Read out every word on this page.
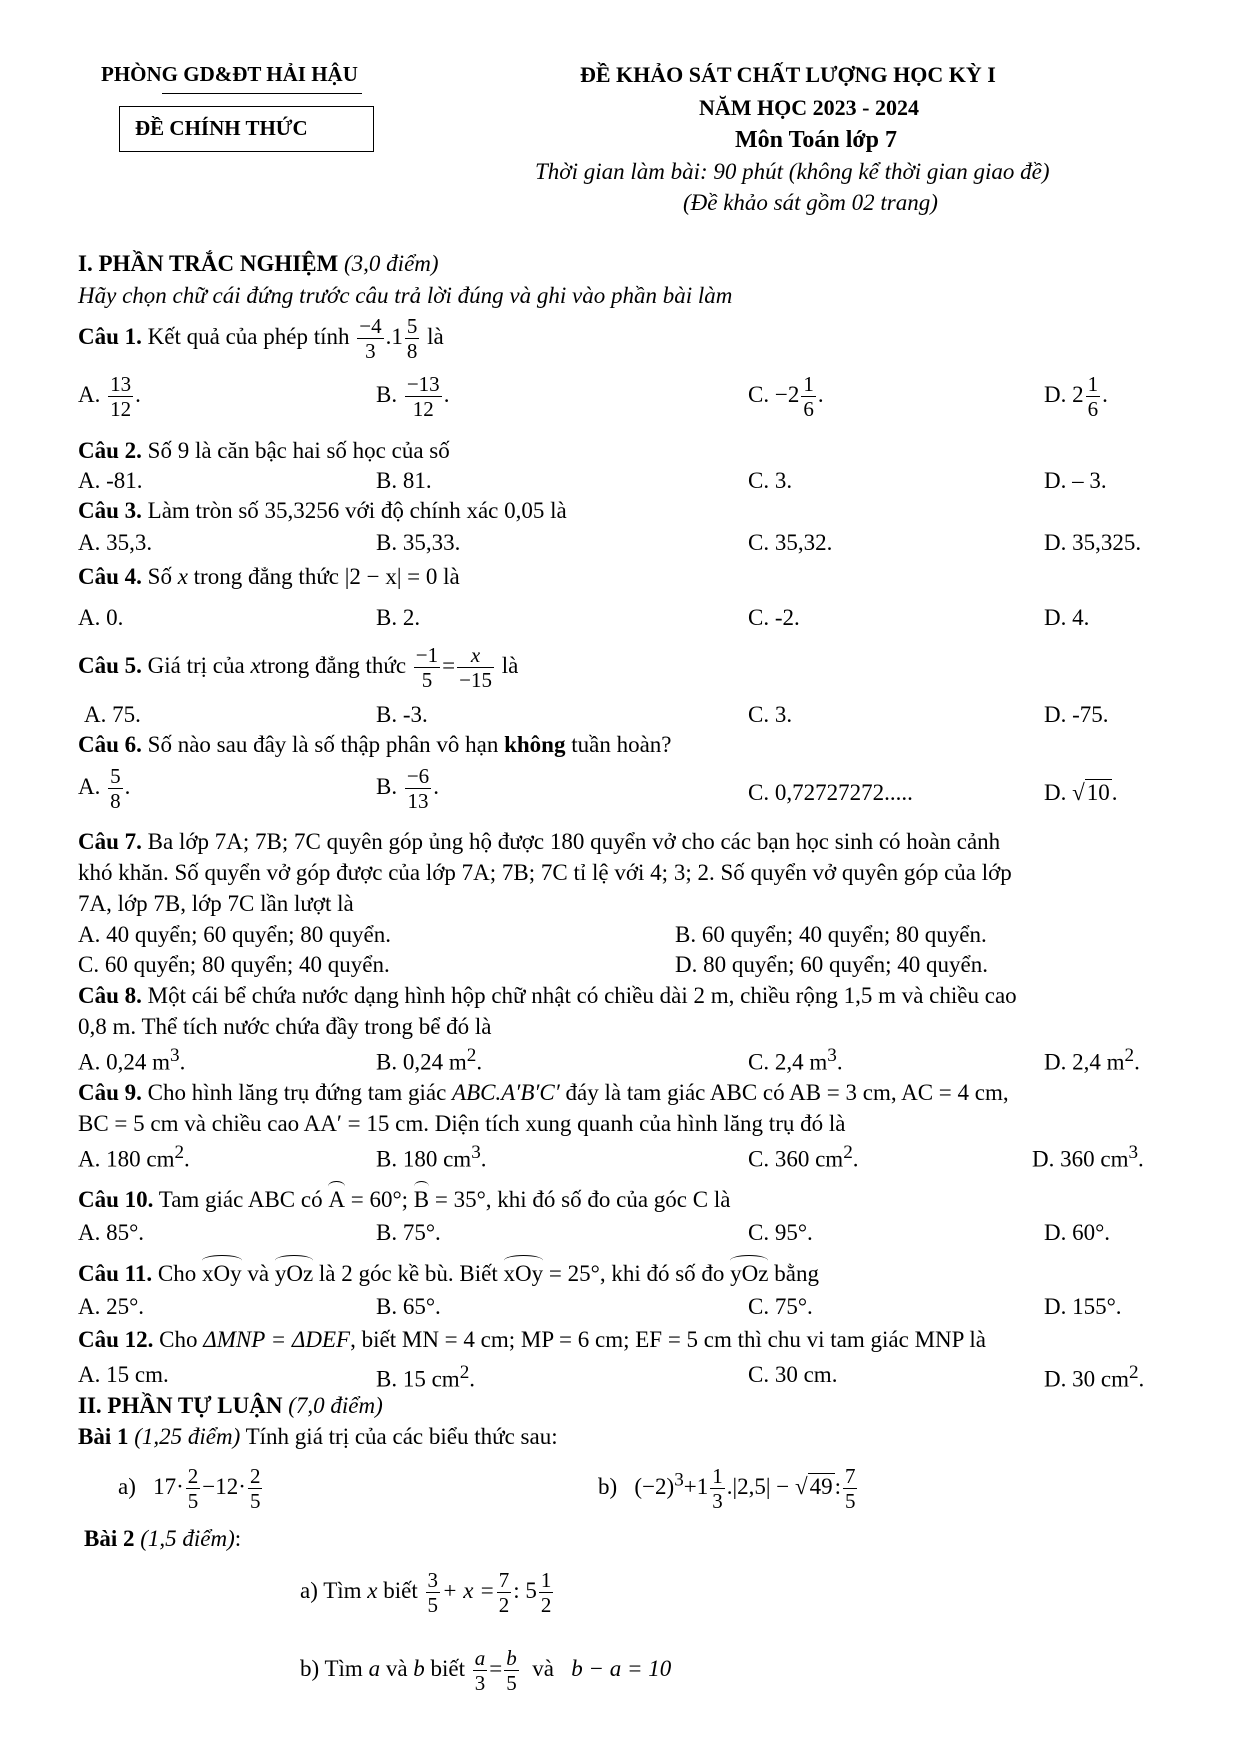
PHÒNG GD&ĐT HẢI HẬU
ĐỀ CHÍNH THỨC
ĐỀ KHẢO SÁT CHẤT LƯỢNG HỌC KỲ I
NĂM HỌC 2023 - 2024
Môn Toán lớp 7
Thời gian làm bài: 90 phút (không kể thời gian giao đề)
(Đề khảo sát gồm 02 trang)
I. PHẦN TRẮC NGHIỆM (3,0 điểm)
Hãy chọn chữ cái đứng trước câu trả lời đúng và ghi vào phần bài làm
Câu 1. Kết quả của phép tính $\frac{-4}{3} .1 \frac{5}{8}$ là
A. $\frac{13}{12}$ .	B. $\frac{-13}{12}$ .	C. $-2 \frac{1}{6}$ .	D. $2 \frac{1}{6}$ .
Câu 2. Số 9 là căn bậc hai số học của số
A. -81.	B. 81.	C. 3.	D. – 3.
Câu 3. Làm tròn số 35,3256 với độ chính xác 0,05 là
A. 35,3.	B. 35,33.	C. 35,32.	D. 35,325.
Câu 4. Số x trong đẳng thức |2 − x| = 0 là
A. 0.	B. 2.	C. -2.	D. 4.
Câu 5. Giá trị của xtrong đẳng thức $\frac{-1}{5} = \frac{x}{-15}$ là
A. 75.	B. -3.	C. 3.	D. -75.
Câu 6. Số nào sau đây là số thập phân vô hạn không tuần hoàn?
A. $\frac{5}{8}$ .	B. $\frac{-6}{13}$ .	C. 0,72727272.....	D. √10.
Câu 7. Ba lớp 7A; 7B; 7C quyên góp ủng hộ được 180 quyển vở cho các bạn học sinh có hoàn cảnh
khó khăn. Số quyển vở góp được của lớp 7A; 7B; 7C tỉ lệ với 4; 3; 2. Số quyển vở quyên góp của lớp
7A, lớp 7B, lớp 7C lần lượt là
A. 40 quyển; 60 quyển; 80 quyển.	B. 60 quyển; 40 quyển; 80 quyển.
C. 60 quyển; 80 quyển; 40 quyển.	D. 80 quyển; 60 quyển; 40 quyển.
Câu 8. Một cái bể chứa nước dạng hình hộp chữ nhật có chiều dài 2 m, chiều rộng 1,5 m và chiều cao
0,8 m. Thể tích nước chứa đầy trong bể đó là
A. 0,24 $m^3$.	B. 0,24 $m^2$.	C. 2,4 $m^3$.	D. 2,4 $m^2$.
Câu 9. Cho hình lăng trụ đứng tam giác ABC.A′B′C′ đáy là tam giác ABC có AB = 3 cm, AC = 4 cm,
BC = 5 cm và chiều cao AA′ = 15 cm. Diện tích xung quanh của hình lăng trụ đó là
A. 180 $cm^2$.	B. 180 $cm^3$.	C. 360 $cm^2$.	D. 360 $cm^3$.
Câu 10. Tam giác ABC có A = 60°; B = 35°, khi đó số đo của góc C là
A. 85°.	B. 75°.	C. 95°.	D. 60°.
Câu 11. Cho xOy và yOz là 2 góc kề bù. Biết xOy = 25°, khi đó số đo yOz bằng
A. 25°.	B. 65°.	C. 75°.	D. 155°.
Câu 12. Cho ΔMNP = ΔDEF, biết MN = 4 cm; MP = 6 cm; EF = 5 cm thì chu vi tam giác MNP là
A. 15 cm.	B. 15 $cm^2$.	C. 30 cm.	D. 30 $cm^2$.
II. PHẦN TỰ LUẬN (7,0 điểm)
Bài 1 (1,25 điểm) Tính giá trị của các biểu thức sau:
a) $17\cdot \frac{2}{5} -12\cdot \frac{2}{5}$	b) $(-2)^3+1 \frac{1}{3} .|2,5| - √49$: $\frac{7}{5}$
Bài 2 (1,5 điểm):
a) Tìm x biết $\frac{3}{5} + x = \frac{7}{2}$ : $5 \frac{1}{2}$
b) Tìm a và b biết $\frac{a}{3} = \frac{b}{5}$ và b − a = 10
